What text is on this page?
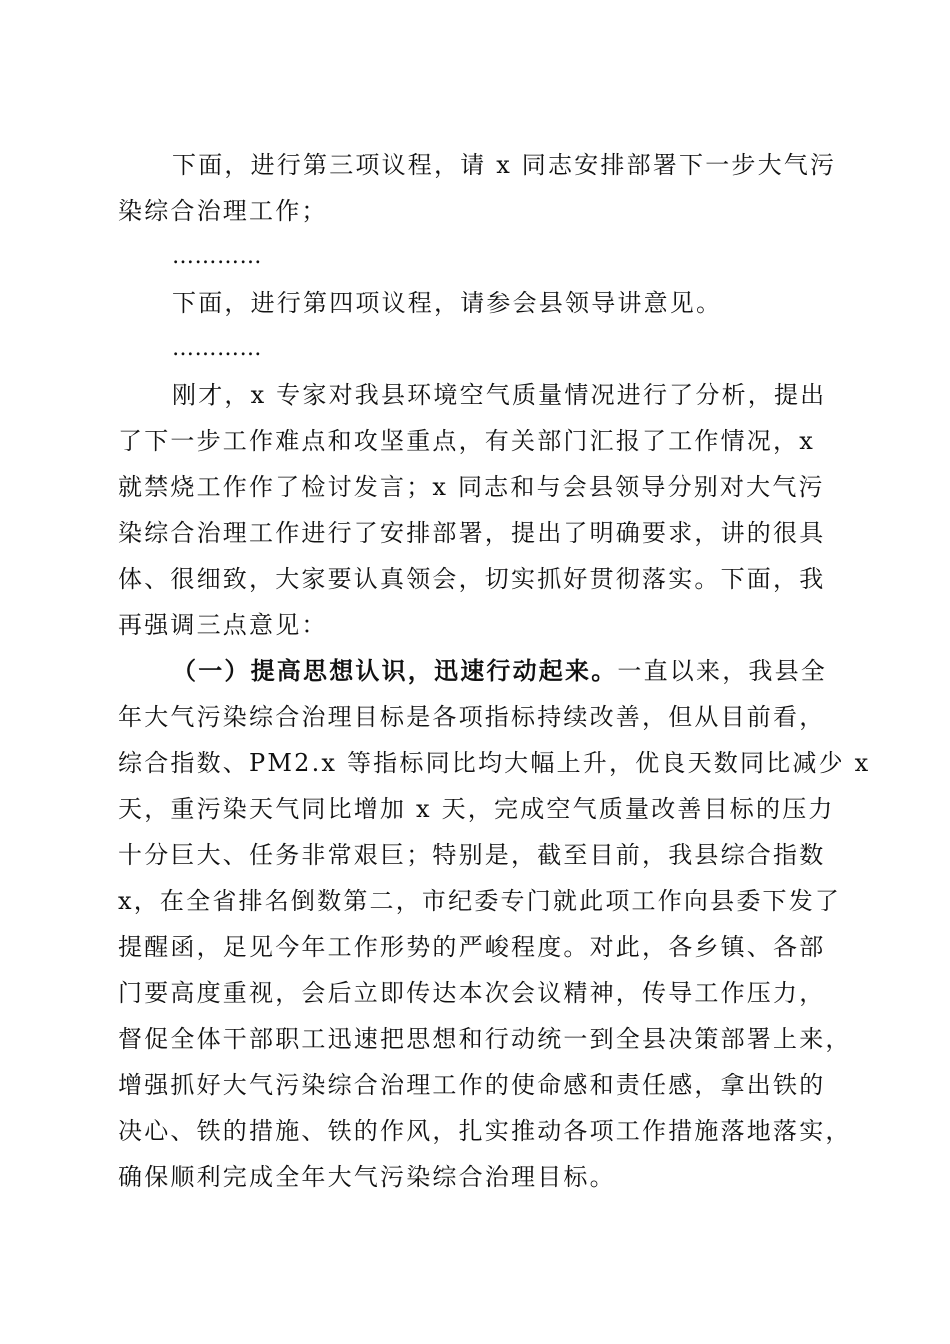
下面，进行第三项议程，请 x 同志安排部署下一步大气污
染综合治理工作；
…………
下面，进行第四项议程，请参会县领导讲意见。
…………
刚才，x 专家对我县环境空气质量情况进行了分析，提出
了下一步工作难点和攻坚重点，有关部门汇报了工作情况，x
就禁烧工作作了检讨发言；x 同志和与会县领导分别对大气污
染综合治理工作进行了安排部署，提出了明确要求，讲的很具
体、很细致，大家要认真领会，切实抓好贯彻落实。下面，我
再强调三点意见：
（一）提高思想认识，迅速行动起来。一直以来，我县全
年大气污染综合治理目标是各项指标持续改善，但从目前看，
综合指数、PM2.x 等指标同比均大幅上升，优良天数同比减少 x
天，重污染天气同比增加 x 天，完成空气质量改善目标的压力
十分巨大、任务非常艰巨；特别是，截至目前，我县综合指数
x，在全省排名倒数第二，市纪委专门就此项工作向县委下发了
提醒函，足见今年工作形势的严峻程度。对此，各乡镇、各部
门要高度重视，会后立即传达本次会议精神，传导工作压力，
督促全体干部职工迅速把思想和行动统一到全县决策部署上来，
增强抓好大气污染综合治理工作的使命感和责任感，拿出铁的
决心、铁的措施、铁的作风，扎实推动各项工作措施落地落实，
确保顺利完成全年大气污染综合治理目标。
